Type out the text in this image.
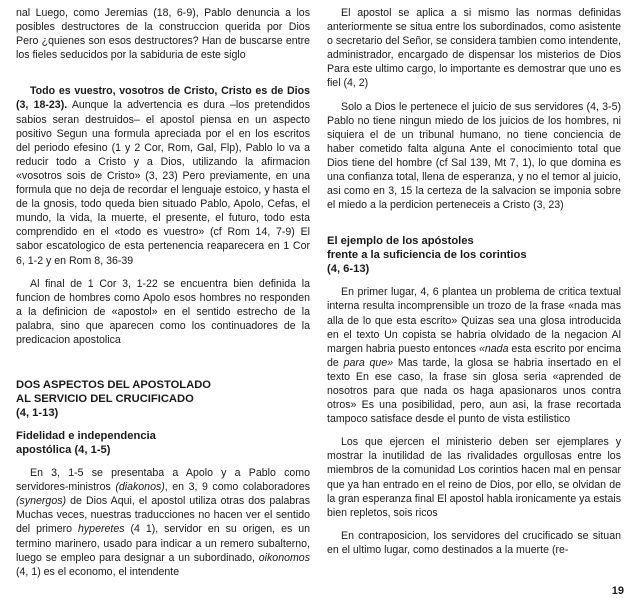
nal Luego, como Jeremias (18, 6-9), Pablo denuncia a los posibles destructores de la construccion querida por Dios Pero ¿quienes son esos destructores? Han de buscarse entre los fieles seducidos por la sabiduria de este siglo

Todo es vuestro, vosotros de Cristo, Cristo es de Dios (3, 18-23). Aunque la advertencia es dura –los pretendidos sabios seran destruidos– el apostol piensa en un aspecto positivo Segun una formula apreciada por el en los escritos del periodo efesino (1 y 2 Cor, Rom, Gal, Flp), Pablo lo va a reducir todo a Cristo y a Dios, utilizando la afirmacion «vosotros sois de Cristo» (3, 23) Pero previamente, en una formula que no deja de recordar el lenguaje estoico, y hasta el de la gnosis, todo queda bien situado Pablo, Apolo, Cefas, el mundo, la vida, la muerte, el presente, el futuro, todo esta comprendido en el «todo es vuestro» (cf Rom 14, 7-9) El sabor escatologico de esta pertenencia reaparecera en 1 Cor 6, 1-2 y en Rom 8, 36-39

Al final de 1 Cor 3, 1-22 se encuentra bien definida la funcion de hombres como Apolo esos hombres no responden a la definicion de «apostol» en el sentido estrecho de la palabra, sino que aparecen como los continuadores de la predicacion apostolica

DOS ASPECTOS DEL APOSTOLADO
AL SERVICIO DEL CRUCIFICADO
(4, 1-13)

Fidelidad e independencia
apostólica (4, 1-5)

En 3, 1-5 se presentaba a Apolo y a Pablo como servidores-ministros (diakonos), en 3, 9 como colaboradores (synergos) de Dios Aqui, el apostol utiliza otras dos palabras Muchas veces, nuestras traducciones no hacen ver el sentido del primero hyperetes (4 1), servidor en su origen, es un termino marinero, usado para indicar a un remero subalterno, luego se empleo para designar a un subordinado, oikonomos (4, 1) es el economo, el intendente

El apostol se aplica a si mismo las normas definidas anteriormente se situa entre los subordinados, como asistente o secretario del Señor, se considera tambien como intendente, administrador, encargado de dispensar los misterios de Dios Para este ultimo cargo, lo importante es demostrar que uno es fiel (4, 2)

Solo a Dios le pertenece el juicio de sus servidores (4, 3-5) Pablo no tiene ningun miedo de los juicios de los hombres, ni siquiera el de un tribunal humano, no tiene conciencia de haber cometido falta alguna Ante el conocimiento total que Dios tiene del hombre (cf Sal 139, Mt 7, 1), lo que domina es una confianza total, llena de esperanza, y no el temor al juicio, asi como en 3, 15 la certeza de la salvacion se imponia sobre el miedo a la perdicion perteneceis a Cristo (3, 23)

El ejemplo de los apóstoles
frente a la suficiencia de los corintios
(4, 6-13)

En primer lugar, 4, 6 plantea un problema de critica textual interna resulta incomprensible un trozo de la frase «nada mas alla de lo que esta escrito» Quizas sea una glosa introducida en el texto Un copista se habria olvidado de la negacion Al margen habria puesto entonces «nada esta escrito por encima de para que» Mas tarde, la glosa se habria insertado en el texto En ese caso, la frase sin glosa seria «aprended de nosotros para que nada os haga apasionaros unos contra otros» Es una posibilidad, pero, aun asi, la frase recortada tampoco satisface desde el punto de vista estilistico

Los que ejercen el ministerio deben ser ejemplares y mostrar la inutilidad de las rivalidades orgullosas entre los miembros de la comunidad Los corintios hacen mal en pensar que ya han entrado en el reino de Dios, por ello, se olvidan de la gran esperanza final El apostol habla ironicamente ya estais bien repletos, sois ricos

En contraposicion, los servidores del crucificado se situan en el ultimo lugar, como destinados a la muerte (re-

19
